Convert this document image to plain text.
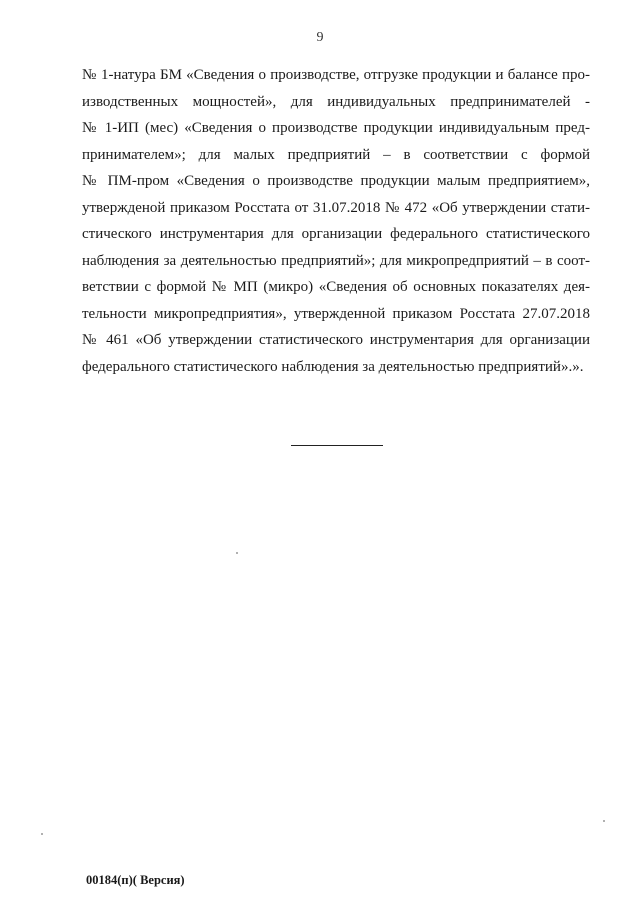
9
№ 1-натура БМ «Сведения о производстве, отгрузке продукции и балансе про-
изводственных мощностей», для индивидуальных предпринимателей -
№ 1-ИП (мес) «Сведения о производстве продукции индивидуальным пред-
принимателем»; для малых предприятий – в соответствии с формой
№ ПМ-пром «Сведения о производстве продукции малым предприятием»,
утвержденой приказом Росстата от 31.07.2018 № 472 «Об утверждении стати-
стического инструментария для организации федерального статистического
наблюдения за деятельностью предприятий»; для микропредприятий – в соот-
ветствии с формой № МП (микро) «Сведения об основных показателях дея-
тельности микропредприятия», утвержденной приказом Росстата 27.07.2018
№ 461 «Об утверждении статистического инструментария для организации
федерального статистического наблюдения за деятельностью предприятий».».
00184(п)( Версия)
